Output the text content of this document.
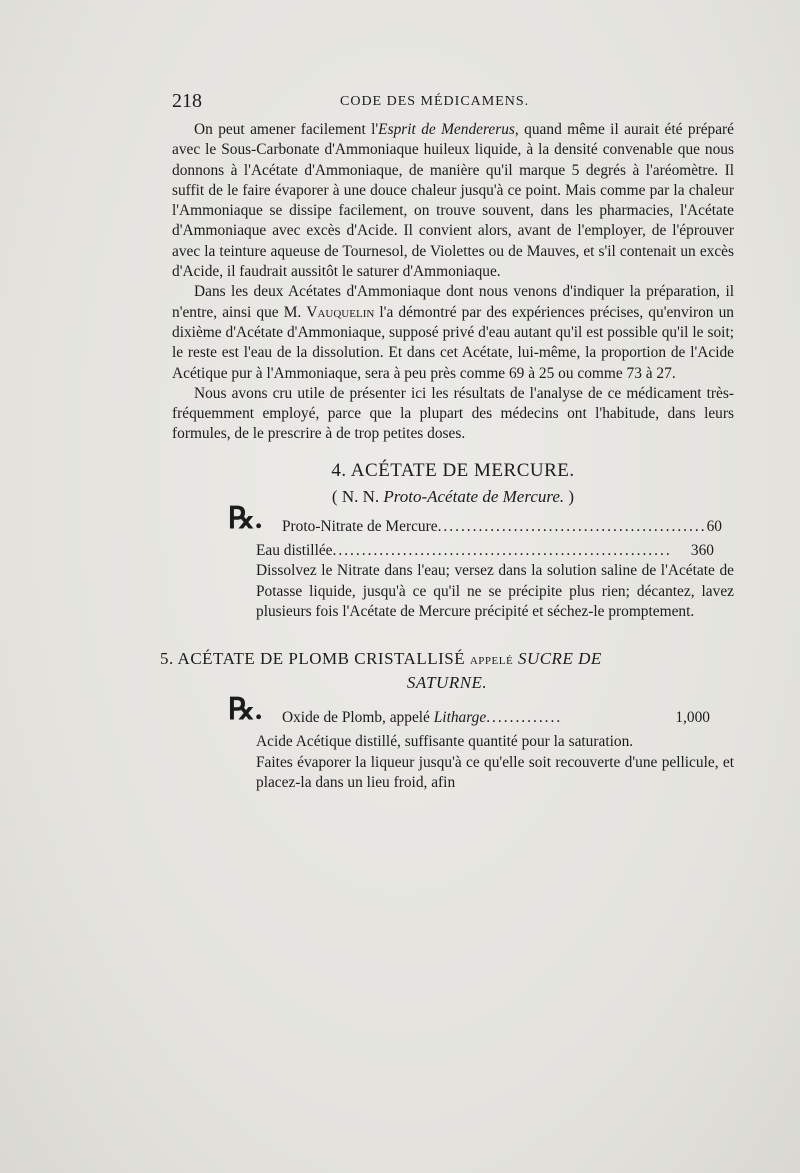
218	CODE DES MÉDICAMENS.

On peut amener facilement l'Esprit de Mendererus, quand même il aurait été préparé avec le Sous-Carbonate d'Ammoniaque huileux liquide, à la densité convenable que nous donnons à l'Acétate d'Ammoniaque, de manière qu'il marque 5 degrés à l'aréomètre. Il suffit de le faire évaporer à une douce chaleur jusqu'à ce point. Mais comme par la chaleur l'Ammoniaque se dissipe facilement, on trouve souvent, dans les pharmacies, l'Acétate d'Ammoniaque avec excès d'Acide. Il convient alors, avant de l'employer, de l'éprouver avec la teinture aqueuse de Tournesol, de Violettes ou de Mauves, et s'il contenait un excès d'Acide, il faudrait aussitôt le saturer d'Ammoniaque.

Dans les deux Acétates d'Ammoniaque dont nous venons d'indiquer la préparation, il n'entre, ainsi que M. Vauquelin l'a démontré par des expériences précises, qu'environ un dixième d'Acétate d'Ammoniaque, supposé privé d'eau autant qu'il est possible qu'il le soit; le reste est l'eau de la dissolution. Et dans cet Acétate, lui-même, la proportion de l'Acide Acétique pur à l'Ammoniaque, sera à peu près comme 69 à 25 ou comme 73 à 27.

Nous avons cru utile de présenter ici les résultats de l'analyse de ce médicament très-fréquemment employé, parce que la plupart des médecins ont l'habitude, dans leurs formules, de le prescrire à de trop petites doses.

4. ACÉTATE DE MERCURE.
( N. N. Proto-Acétate de Mercure. )
℞. Proto-Nitrate de Mercure .............................................. 60
Eau distillée ..........................................................	360

Dissolvez le Nitrate dans l'eau; versez dans la solution saline de l'Acétate de Potasse liquide, jusqu'à ce qu'il ne se précipite plus rien; décantez, lavez plusieurs fois l'Acétate de Mercure précipité et séchez-le promptement.

5. ACÉTATE DE PLOMB CRISTALLISÉ APPELÉ SUCRE DE
SATURNE.
℞. Oxide de Plomb, appelé Litharge .............	1,000

Acide Acétique distillé, suffisante quantité pour la saturation.

Faites évaporer la liqueur jusqu'à ce qu'elle soit recouverte d'une pellicule, et placez-la dans un lieu froid, afin
